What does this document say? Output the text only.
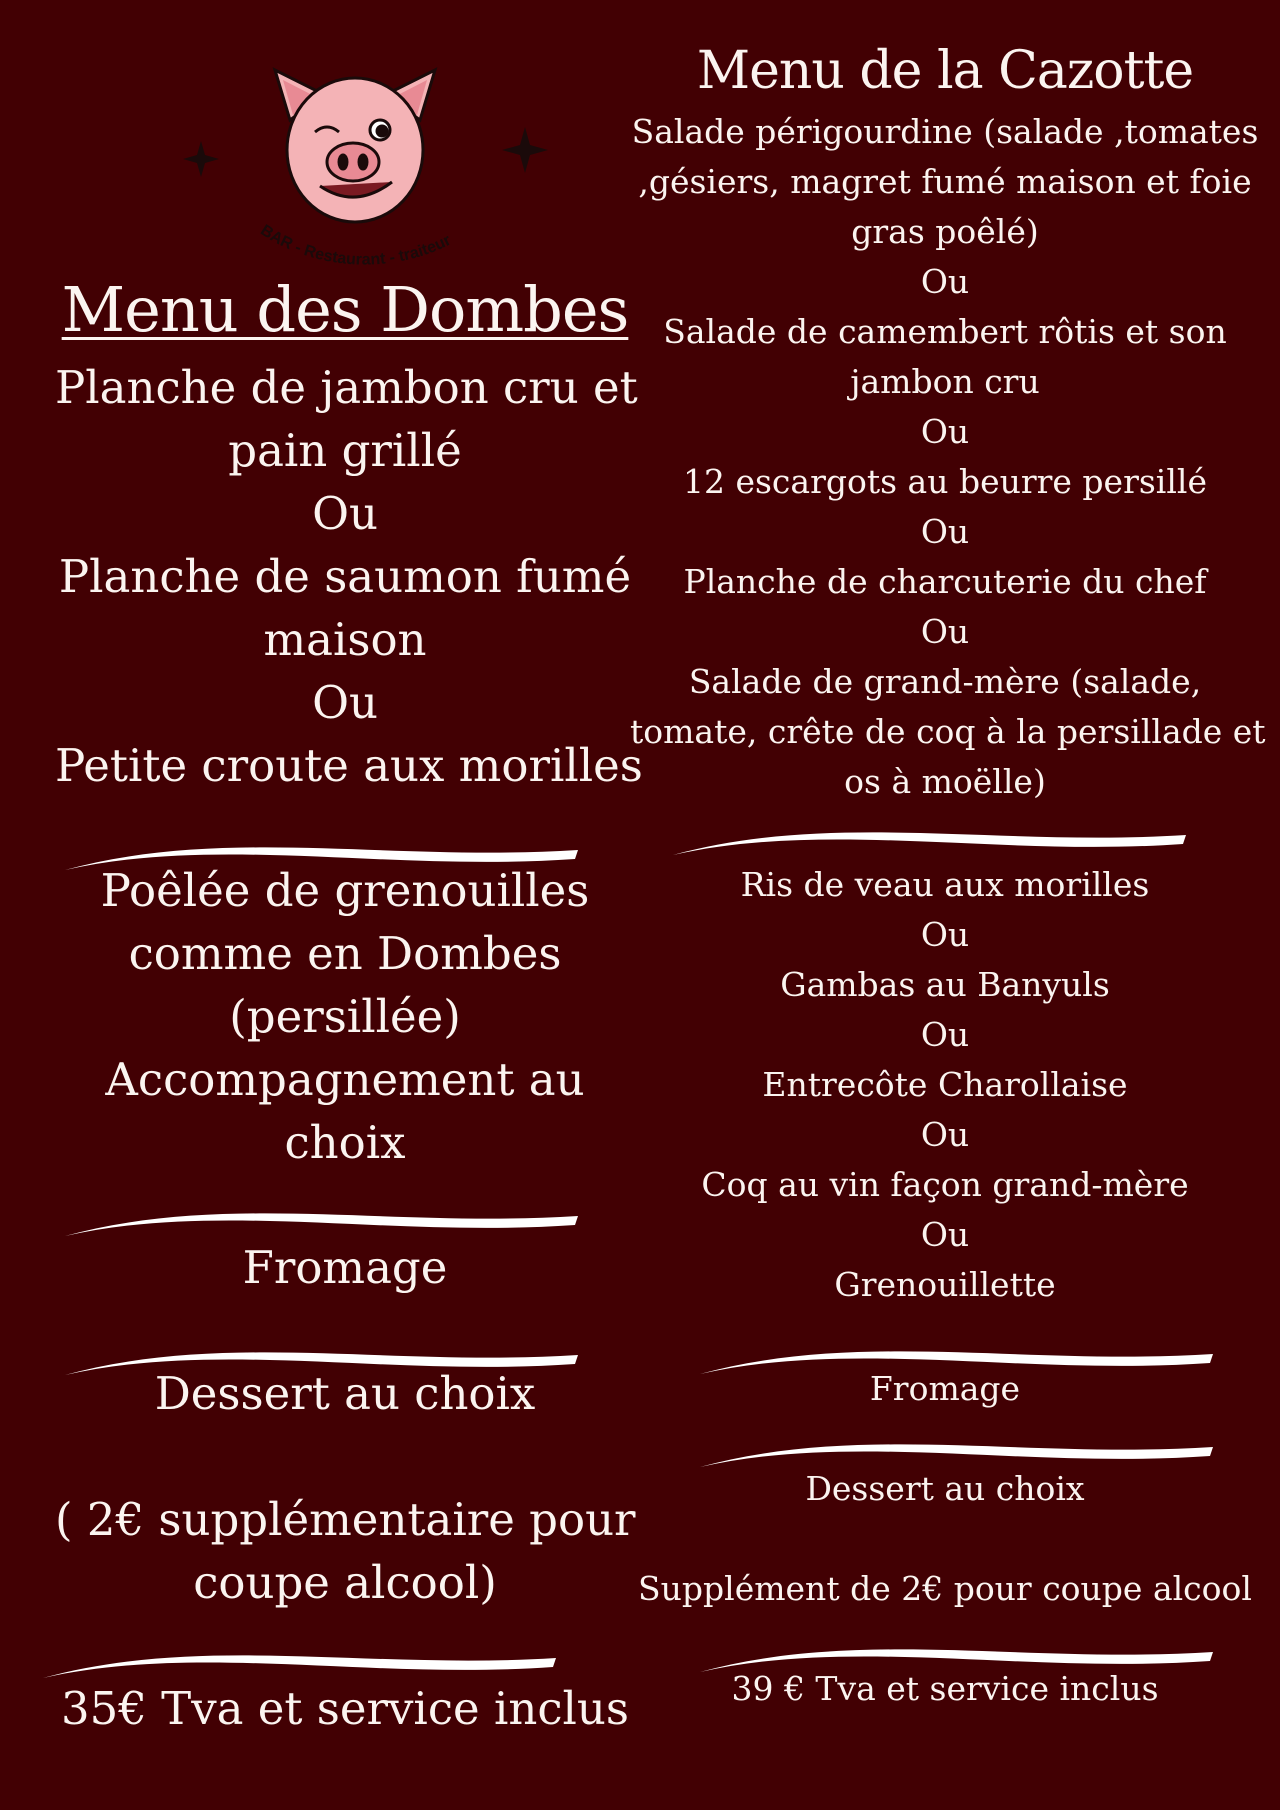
BAR - Restaurant - traiteur
Menu des Dombes
Planche de jambon cru et
pain grillé
Ou
Planche de saumon fumé
maison
Ou
Petite croute aux morilles
Poêlée de grenouilles
comme en Dombes
(persillée)
Accompagnement au
choix
Fromage
Dessert au choix
( 2€ supplémentaire pour
coupe alcool)
35€ Tva et service inclus
Menu de la Cazotte
Salade périgourdine (salade ,tomates
,gésiers, magret fumé maison et foie
gras poêlé)
Ou
Salade de camembert rôtis et son
jambon cru
Ou
12 escargots au beurre persillé
Ou
Planche de charcuterie du chef
Ou
Salade de grand-mère (salade,
tomate, crête de coq à la persillade et
os à moëlle)
Ris de veau aux morilles
Ou
Gambas au Banyuls
Ou
Entrecôte Charollaise
Ou
Coq au vin façon grand-mère
Ou
Grenouillette
Fromage
Dessert au choix
Supplément de 2€ pour coupe alcool
39 € Tva et service inclus
